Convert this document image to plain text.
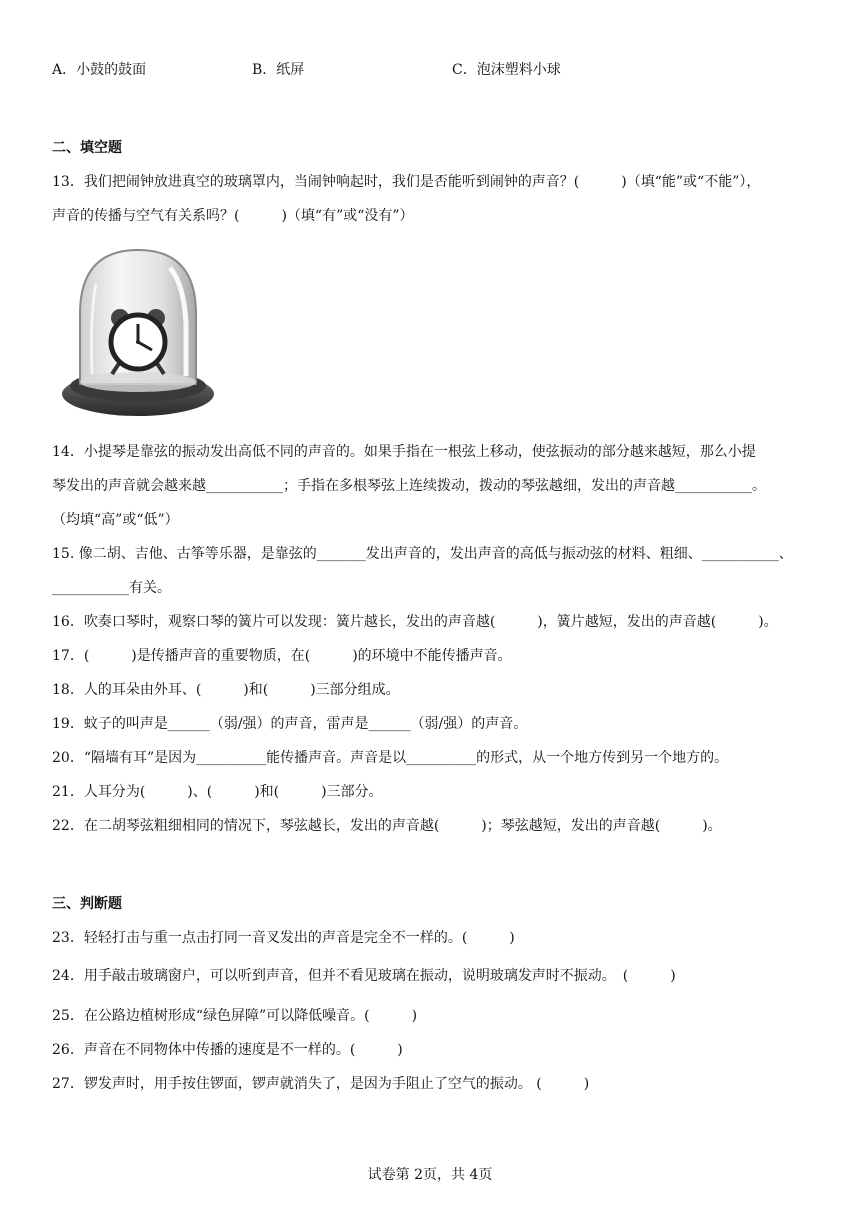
A．小鼓的鼓面	B．纸屏	C．泡沫塑料小球
二、填空题
13．我们把闹钟放进真空的玻璃罩内，当闹钟响起时，我们是否能听到闹钟的声音？(　　　)（填“能”或“不能”），
声音的传播与空气有关系吗？(　　　)（填“有”或“没有”）
14．小提琴是靠弦的振动发出高低不同的声音的。如果手指在一根弦上移动，使弦振动的部分越来越短，那么小提
琴发出的声音就会越来越___________；手指在多根琴弦上连续拨动，拨动的琴弦越细，发出的声音越___________。
（均填“高”或“低”）
15. 像二胡、吉他、古筝等乐器，是靠弦的_______发出声音的，发出声音的高低与振动弦的材料、粗细、___________、
___________有关。
16．吹奏口琴时，观察口琴的簧片可以发现：簧片越长，发出的声音越(　　　)，簧片越短，发出的声音越(　　　)。
17．(　　　)是传播声音的重要物质，在(　　　)的环境中不能传播声音。
18．人的耳朵由外耳、(　　　)和(　　　)三部分组成。
19．蚊子的叫声是______（弱/强）的声音，雷声是______（弱/强）的声音。
20．“隔墙有耳”是因为__________能传播声音。声音是以__________的形式，从一个地方传到另一个地方的。
21．人耳分为(　　　)、(　　　)和(　　　)三部分。
22．在二胡琴弦粗细相同的情况下，琴弦越长，发出的声音越(　　　)；琴弦越短，发出的声音越(　　　)。
三、判断题
23．轻轻打击与重一点击打同一音叉发出的声音是完全不一样的。(　　　)
24．用手敲击玻璃窗户，可以听到声音，但并不看见玻璃在振动，说明玻璃发声时不振动。　(　　　)
25．在公路边植树形成“绿色屏障”可以降低噪音。(　　　)
26．声音在不同物体中传播的速度是不一样的。(　　　)
27．锣发声时，用手按住锣面，锣声就消失了，是因为手阻止了空气的振动。 (　　　)
试卷第 2页，共 4页
